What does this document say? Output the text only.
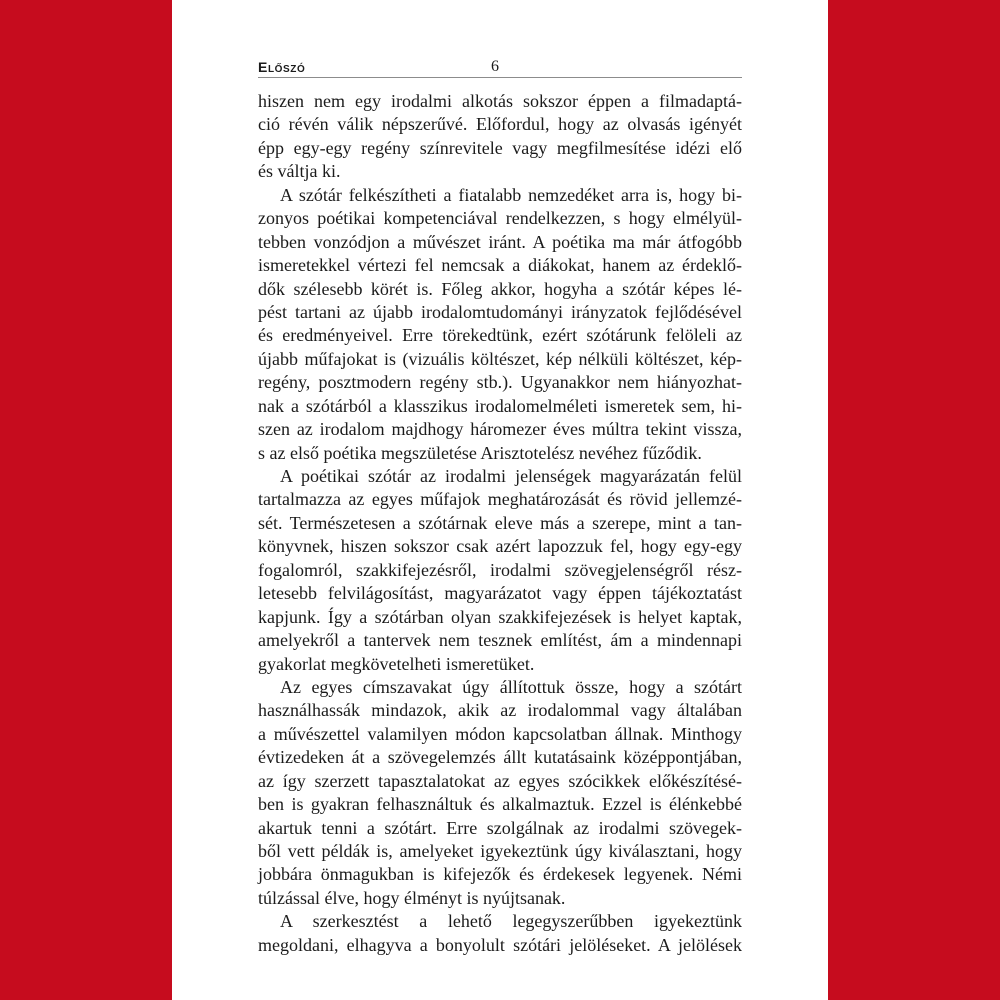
Előszó	6
hiszen nem egy irodalmi alkotás sokszor éppen a filmadaptá-
ció révén válik népszerűvé. Előfordul, hogy az olvasás igényét
épp egy-egy regény színrevitele vagy megfilmesítése idézi elő
és váltja ki.
A szótár felkészítheti a fiatalabb nemzedéket arra is, hogy bi-
zonyos poétikai kompetenciával rendelkezzen, s hogy elmélyül-
tebben vonzódjon a művészet iránt. A poétika ma már átfogóbb
ismeretekkel vértezi fel nemcsak a diákokat, hanem az érdeklő-
dők szélesebb körét is. Főleg akkor, hogyha a szótár képes lé-
pést tartani az újabb irodalomtudományi irányzatok fejlődésével
és eredményeivel. Erre törekedtünk, ezért szótárunk felöleli az
újabb műfajokat is (vizuális költészet, kép nélküli költészet, kép-
regény, posztmodern regény stb.). Ugyanakkor nem hiányozhat-
nak a szótárból a klasszikus irodalomelméleti ismeretek sem, hi-
szen az irodalom majdhogy háromezer éves múltra tekint vissza,
s az első poétika megszületése Arisztotelész nevéhez fűződik.
A poétikai szótár az irodalmi jelenségek magyarázatán felül
tartalmazza az egyes műfajok meghatározását és rövid jellemzé-
sét. Természetesen a szótárnak eleve más a szerepe, mint a tan-
könyvnek, hiszen sokszor csak azért lapozzuk fel, hogy egy-egy
fogalomról, szakkifejezésről, irodalmi szövegjelenségről rész-
letesebb felvilágosítást, magyarázatot vagy éppen tájékoztatást
kapjunk. Így a szótárban olyan szakkifejezések is helyet kaptak,
amelyekről a tantervek nem tesznek említést, ám a mindennapi
gyakorlat megkövetelheti ismeretüket.
Az egyes címszavakat úgy állítottuk össze, hogy a szótárt
használhassák mindazok, akik az irodalommal vagy általában
a művészettel valamilyen módon kapcsolatban állnak. Minthogy
évtizedeken át a szövegelemzés állt kutatásaink középpontjában,
az így szerzett tapasztalatokat az egyes szócikkek előkészítésé-
ben is gyakran felhasználtuk és alkalmaztuk. Ezzel is élénkebbé
akartuk tenni a szótárt. Erre szolgálnak az irodalmi szövegek-
ből vett példák is, amelyeket igyekeztünk úgy kiválasztani, hogy
jobbára önmagukban is kifejezők és érdekesek legyenek. Némi
túlzással élve, hogy élményt is nyújtsanak.
A szerkesztést a lehető legegyszerűbben igyekeztünk
megoldani, elhagyva a bonyolult szótári jelöléseket. A jelölések
